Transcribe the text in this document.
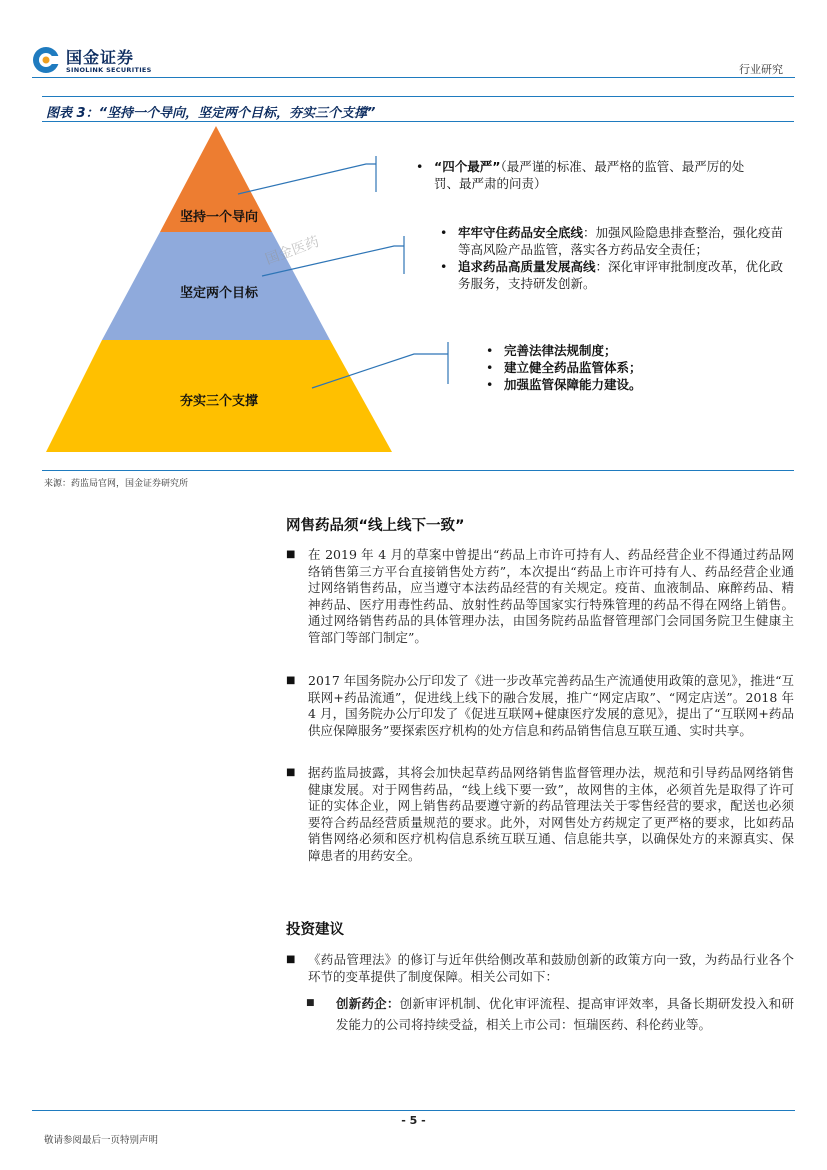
国金证券
SINOLINK SECURITIES	行业研究
图表 3：“坚持一个导向，坚定两个目标，夯实三个支撑”
坚持一个导向
坚定两个目标
夯实三个支撑
国金医药
• “四个最严”（最严谨的标准、最严格的监管、最严厉的处罚、最严肃的问责）
• 牢牢守住药品安全底线：加强风险隐患排查整治，强化疫苗等高风险产品监管，落实各方药品安全责任；
• 追求药品高质量发展高线：深化审评审批制度改革，优化政务服务，支持研发创新。
• 完善法律法规制度；
• 建立健全药品监管体系；
• 加强监管保障能力建设。
来源：药监局官网，国金证券研究所
网售药品须“线上线下一致”
■ 在 2019 年 4 月的草案中曾提出“药品上市许可持有人、药品经营企业不得通过药品网络销售第三方平台直接销售处方药”，本次提出“药品上市许可持有人、药品经营企业通过网络销售药品，应当遵守本法药品经营的有关规定。疫苗、血液制品、麻醉药品、精神药品、医疗用毒性药品、放射性药品等国家实行特殊管理的药品不得在网络上销售。通过网络销售药品的具体管理办法，由国务院药品监督管理部门会同国务院卫生健康主管部门等部门制定”。
■ 2017 年国务院办公厅印发了《进一步改革完善药品生产流通使用政策的意见》，推进“互联网+药品流通”，促进线上线下的融合发展，推广“网定店取”、“网定店送”。2018 年 4 月，国务院办公厅印发了《促进互联网+健康医疗发展的意见》，提出了“互联网+药品供应保障服务”要探索医疗机构的处方信息和药品销售信息互联互通、实时共享。
■ 据药监局披露，其将会加快起草药品网络销售监督管理办法，规范和引导药品网络销售健康发展。对于网售药品，“线上线下要一致”，故网售的主体，必须首先是取得了许可证的实体企业，网上销售药品要遵守新的药品管理法关于零售经营的要求，配送也必须要符合药品经营质量规范的要求。此外，对网售处方药规定了更严格的要求，比如药品销售网络必须和医疗机构信息系统互联互通、信息能共享，以确保处方的来源真实、保障患者的用药安全。
投资建议
■ 《药品管理法》的修订与近年供给侧改革和鼓励创新的政策方向一致，为药品行业各个环节的变革提供了制度保障。相关公司如下：
■ 创新药企：创新审评机制、优化审评流程、提高审评效率，具备长期研发投入和研发能力的公司将持续受益，相关上市公司：恒瑞医药、科伦药业等。
- 5 -
敬请参阅最后一页特别声明
